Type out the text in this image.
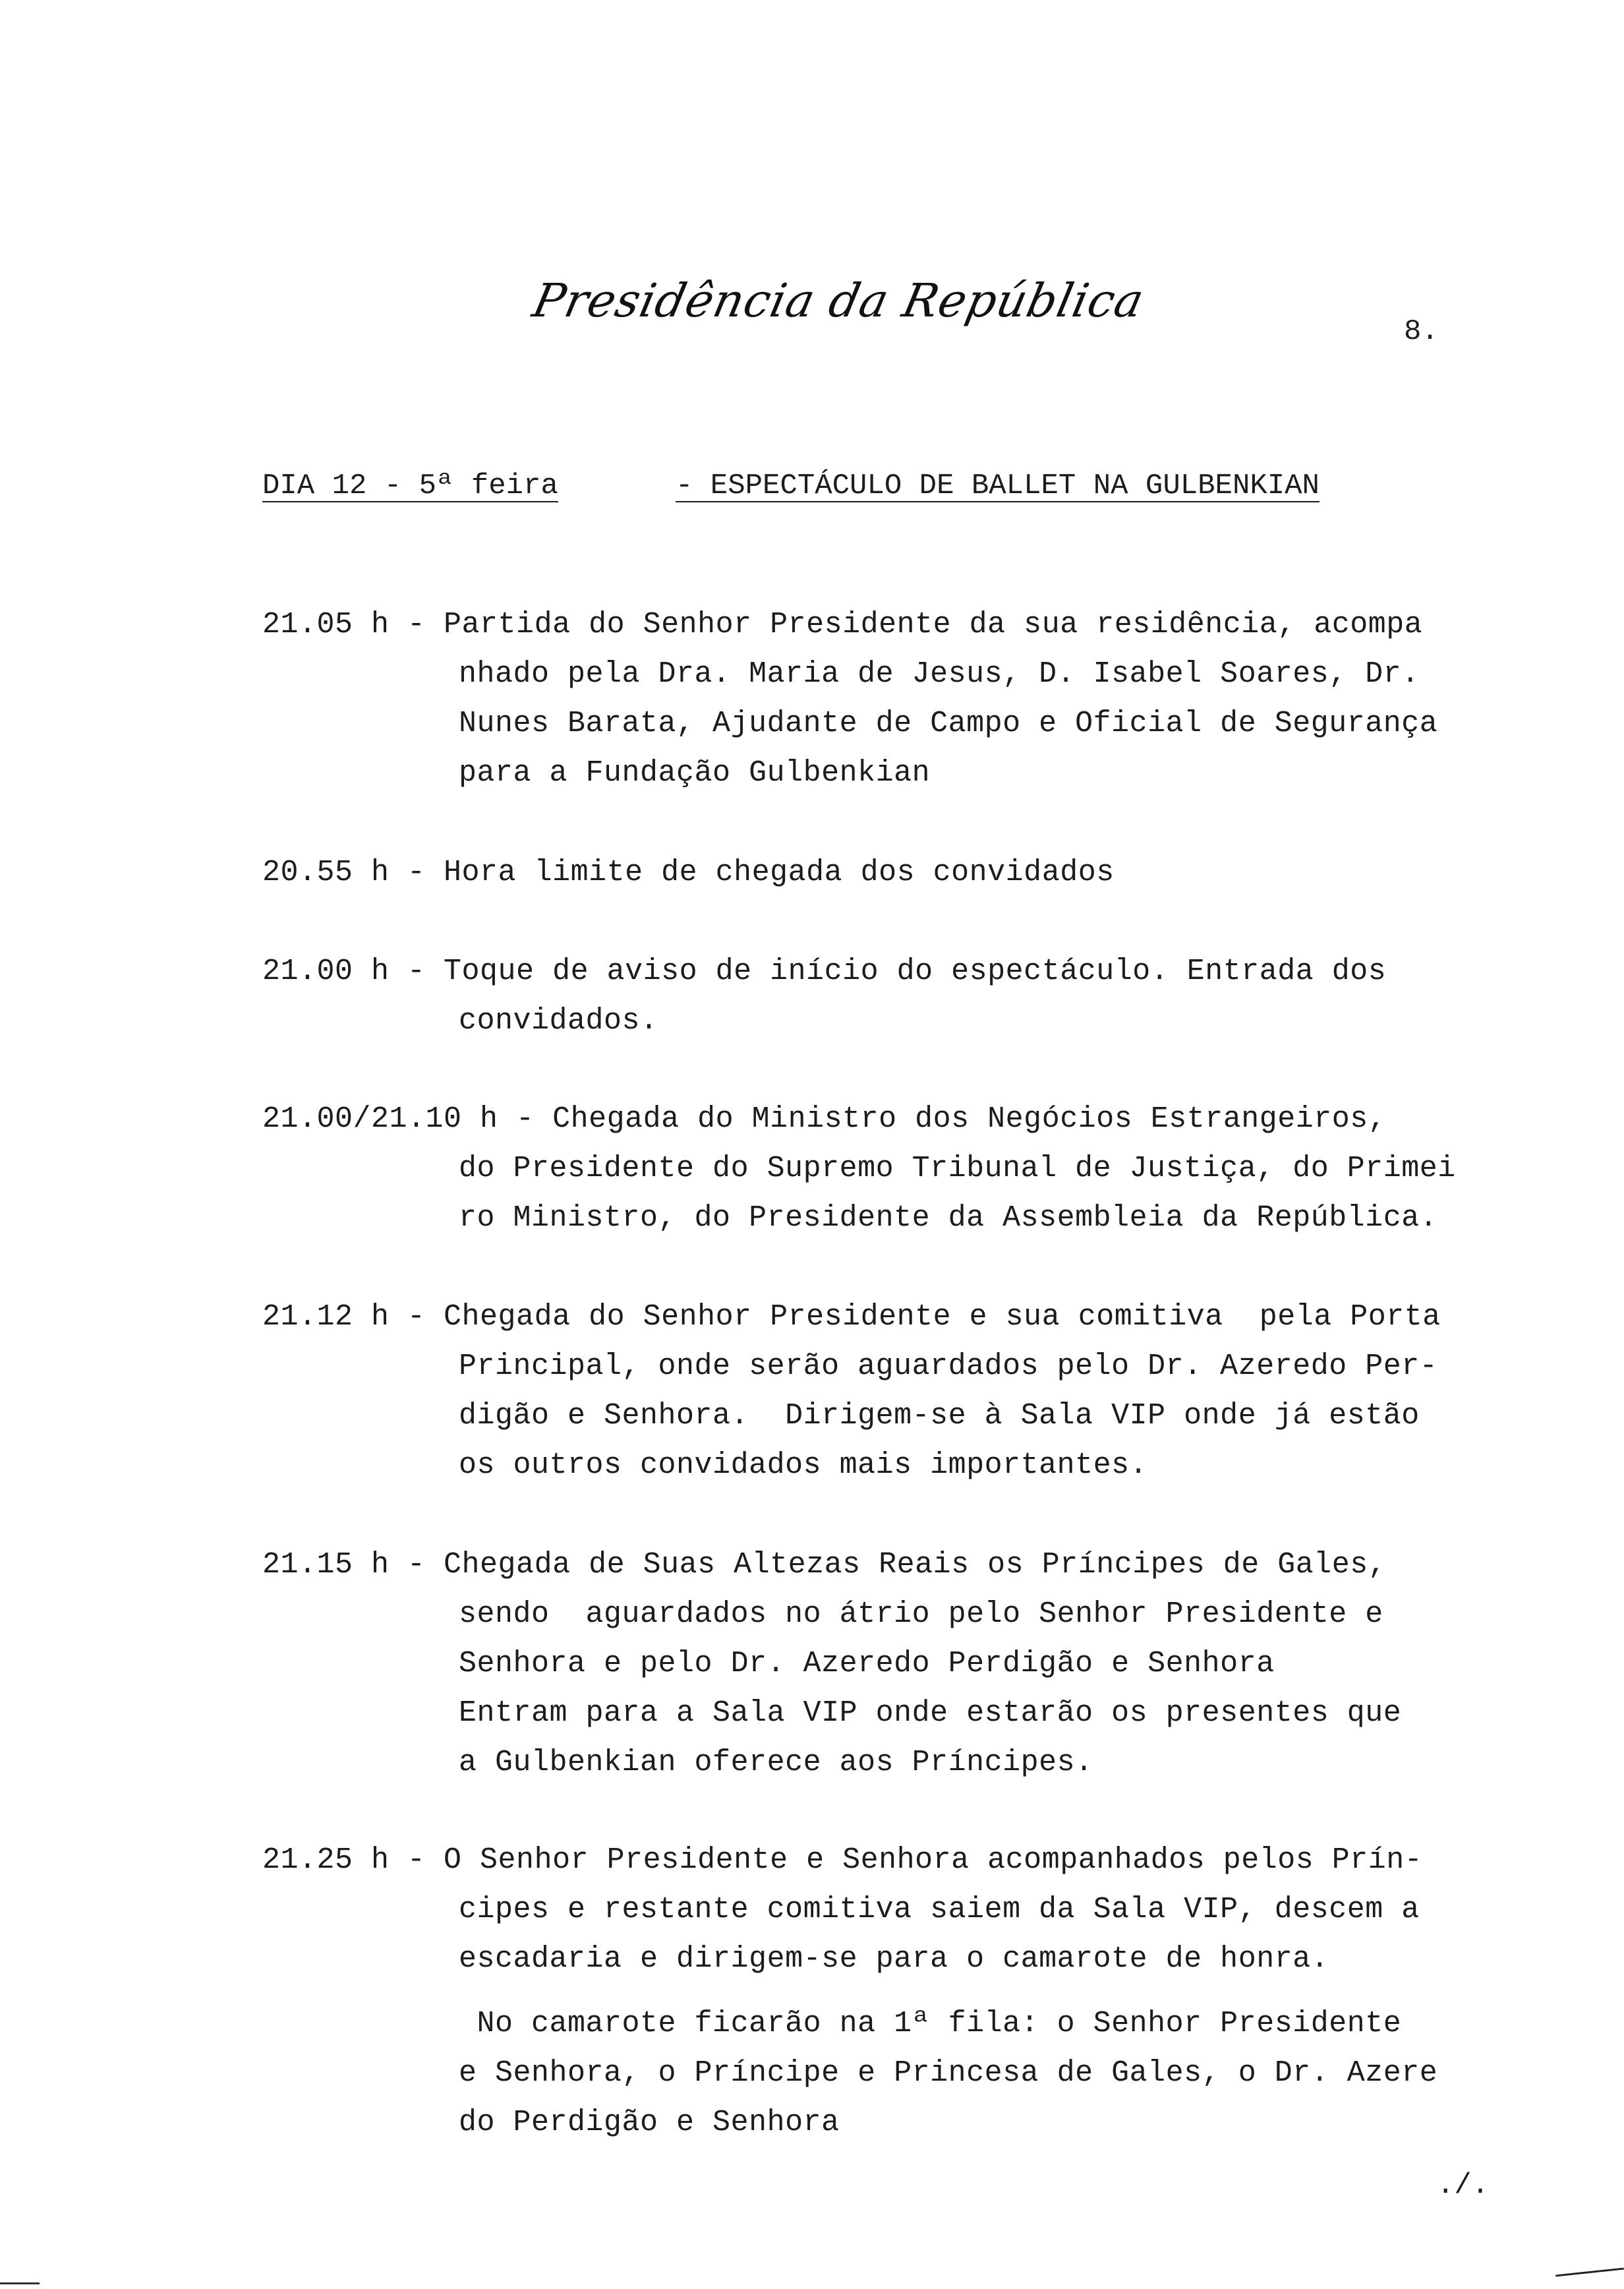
Presidência da República
8.
DIA 12 - 5ª feira	- ESPECTÁCULO DE BALLET NA GULBENKIAN
21.05 h - Partida do Senhor Presidente da sua residência, acompa
nhado pela Dra. Maria de Jesus, D. Isabel Soares, Dr.
Nunes Barata, Ajudante de Campo e Oficial de Segurança
para a Fundação Gulbenkian
20.55 h - Hora limite de chegada dos convidados
21.00 h - Toque de aviso de início do espectáculo. Entrada dos
convidados.
21.00/21.10 h - Chegada do Ministro dos Negócios Estrangeiros,
do Presidente do Supremo Tribunal de Justiça, do Primei
ro Ministro, do Presidente da Assembleia da República.
21.12 h - Chegada do Senhor Presidente e sua comitiva  pela Porta
Principal, onde serão aguardados pelo Dr. Azeredo Per-
digão e Senhora.  Dirigem-se à Sala VIP onde já estão
os outros convidados mais importantes.
21.15 h - Chegada de Suas Altezas Reais os Príncipes de Gales,
sendo  aguardados no átrio pelo Senhor Presidente e
Senhora e pelo Dr. Azeredo Perdigão e Senhora
Entram para a Sala VIP onde estarão os presentes que
a Gulbenkian oferece aos Príncipes.
21.25 h - O Senhor Presidente e Senhora acompanhados pelos Prín-
cipes e restante comitiva saiem da Sala VIP, descem a
escadaria e dirigem-se para o camarote de honra.
No camarote ficarão na 1ª fila: o Senhor Presidente
e Senhora, o Príncipe e Princesa de Gales, o Dr. Azere
do Perdigão e Senhora
./.
